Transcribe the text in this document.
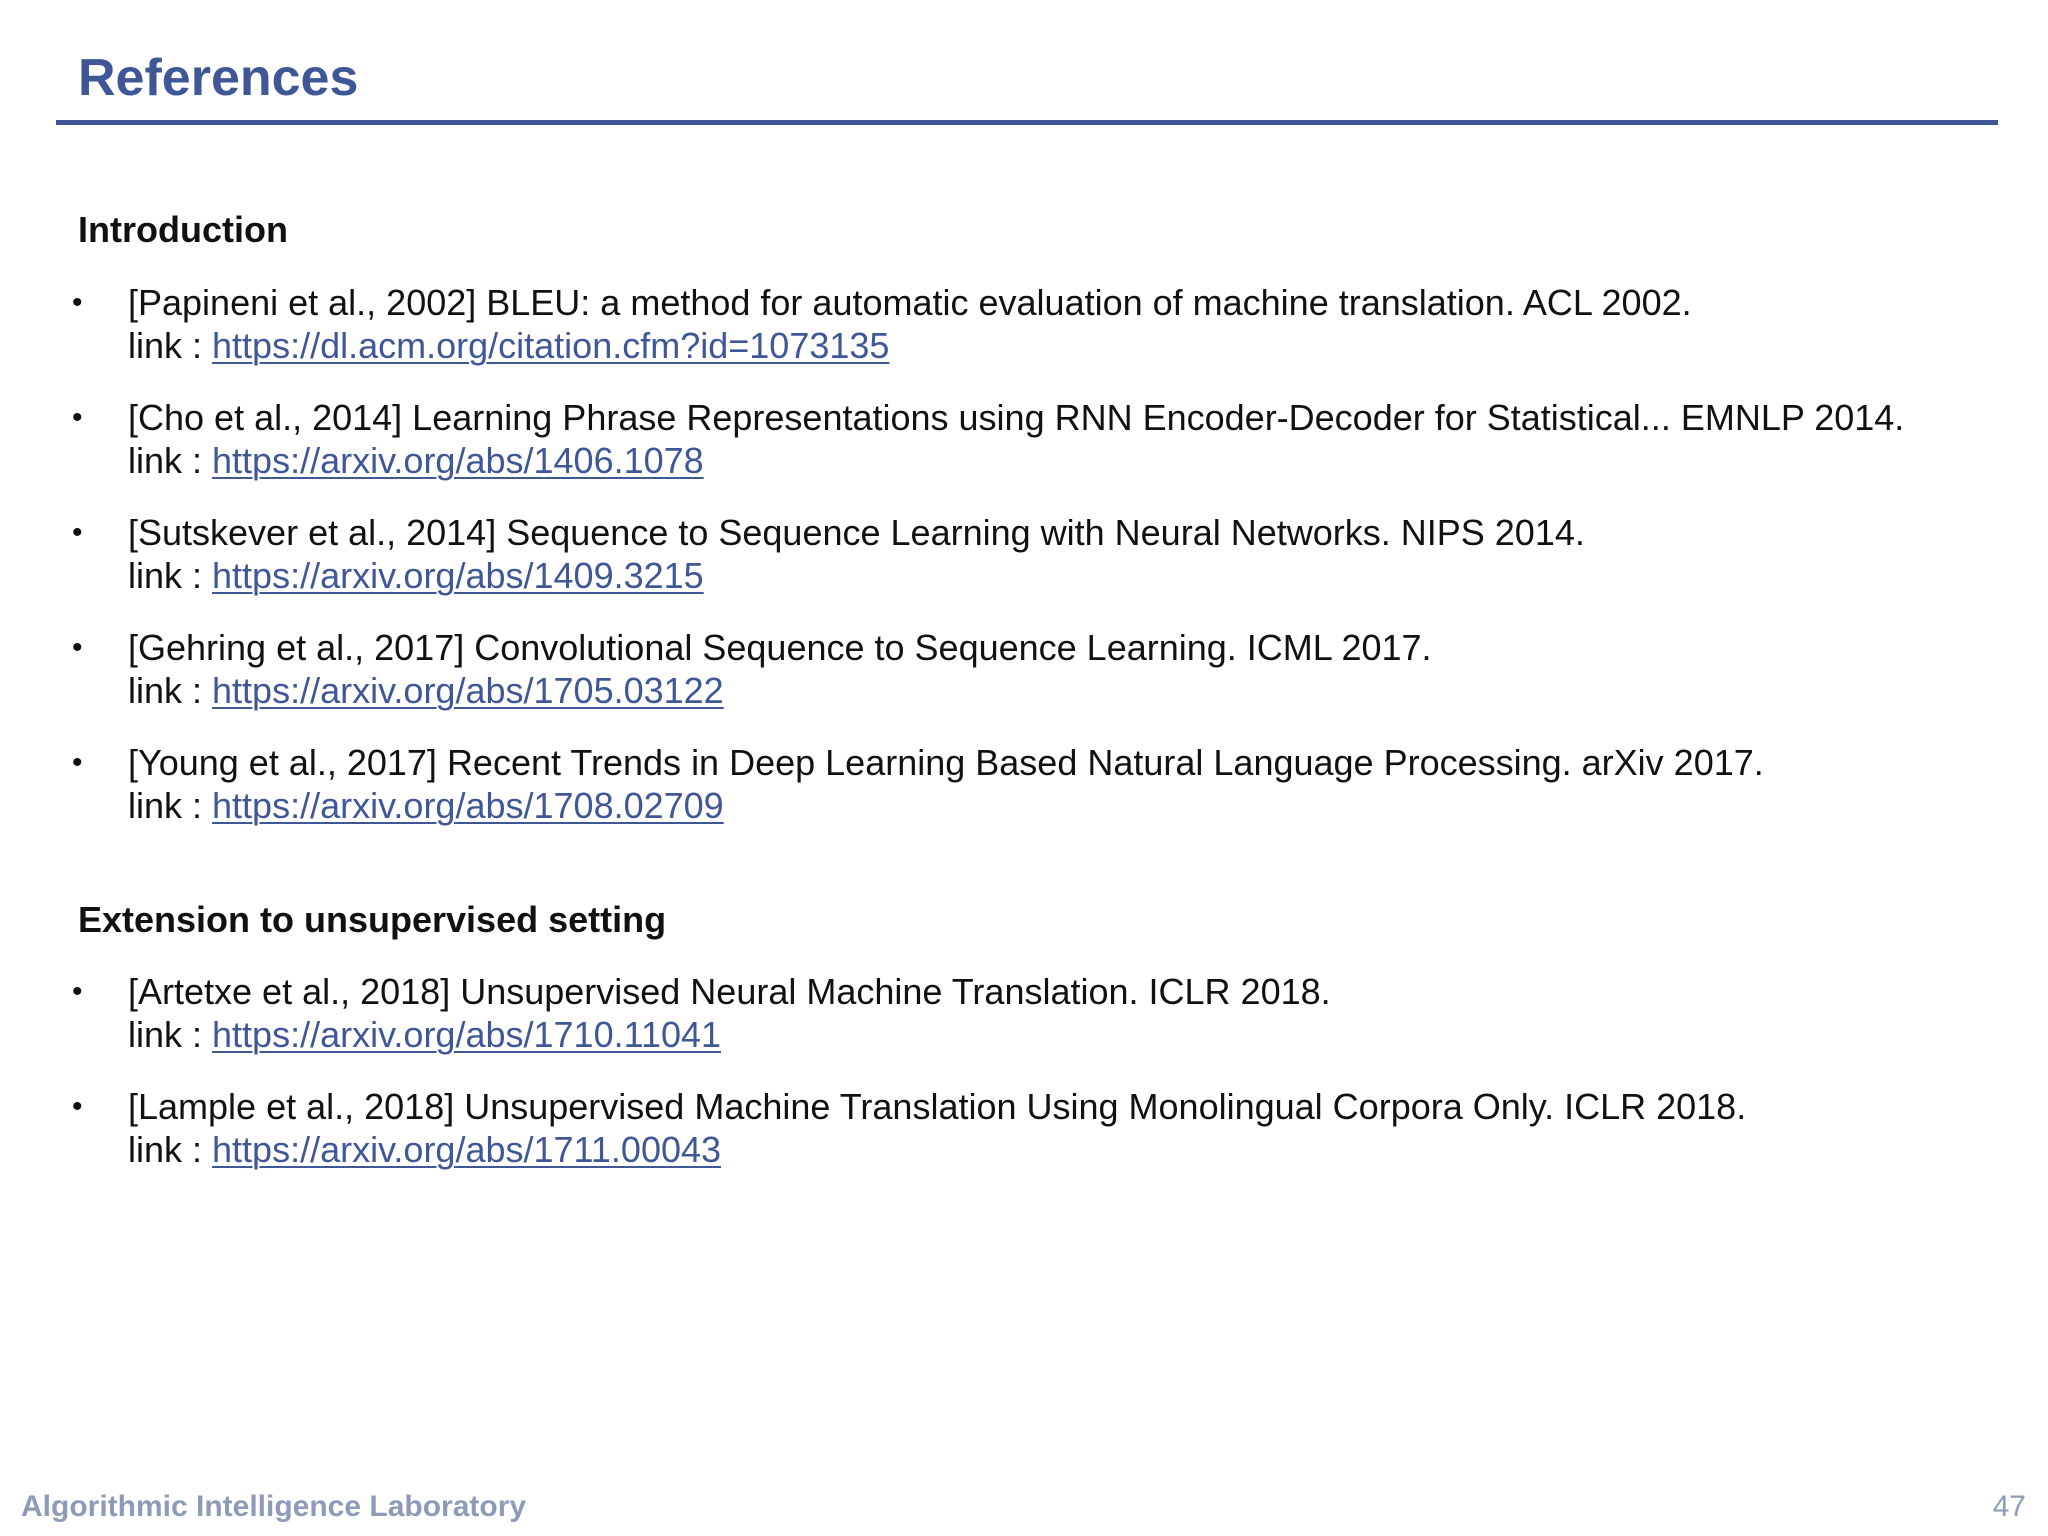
References
Introduction
• [Papineni et al., 2002] BLEU: a method for automatic evaluation of machine translation. ACL 2002.
link : https://dl.acm.org/citation.cfm?id=1073135
• [Cho et al., 2014] Learning Phrase Representations using RNN Encoder-Decoder for Statistical... EMNLP 2014.
link : https://arxiv.org/abs/1406.1078
• [Sutskever et al., 2014] Sequence to Sequence Learning with Neural Networks. NIPS 2014.
link : https://arxiv.org/abs/1409.3215
• [Gehring et al., 2017] Convolutional Sequence to Sequence Learning. ICML 2017.
link : https://arxiv.org/abs/1705.03122
• [Young et al., 2017] Recent Trends in Deep Learning Based Natural Language Processing. arXiv 2017.
link : https://arxiv.org/abs/1708.02709
Extension to unsupervised setting
• [Artetxe et al., 2018] Unsupervised Neural Machine Translation. ICLR 2018.
link : https://arxiv.org/abs/1710.11041
• [Lample et al., 2018] Unsupervised Machine Translation Using Monolingual Corpora Only. ICLR 2018.
link : https://arxiv.org/abs/1711.00043
Algorithmic Intelligence Laboratory	47
